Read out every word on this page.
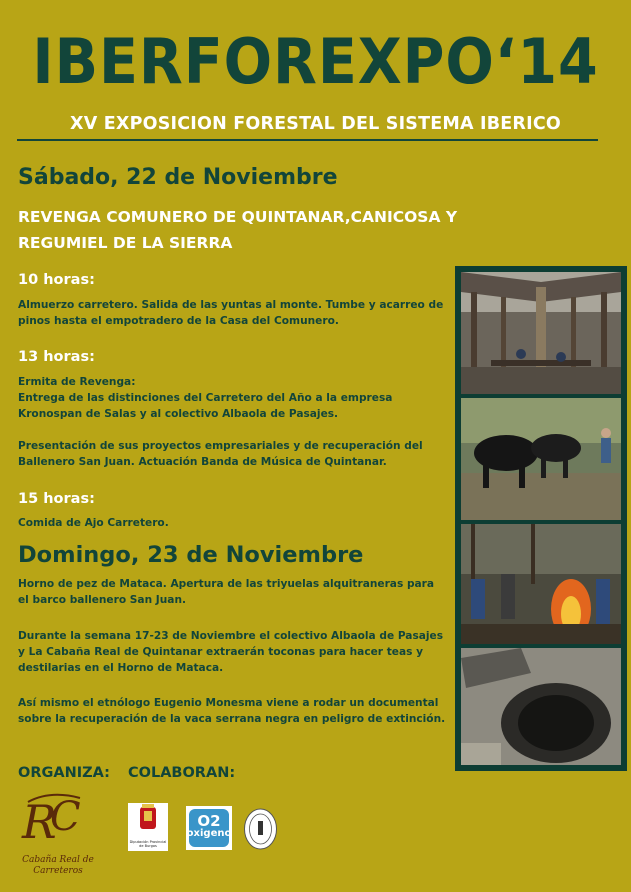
IBERFOREXPO‘14
XV EXPOSICION FORESTAL DEL SISTEMA IBERICO
Sábado, 22 de Noviembre
REVENGA COMUNERO DE QUINTANAR,CANICOSA Y REGUMIEL DE LA SIERRA
10 horas:
Almuerzo carretero. Salida de las yuntas al monte. Tumbe y acarreo de pinos hasta el empotradero de la Casa del Comunero.
13 horas:
Ermita de Revenga:
Entrega de las distinciones del Carretero del Año a la empresa Kronospan de Salas y al colectivo Albaola de Pasajes.
Presentación de sus proyectos empresariales y de recuperación del Ballenero San Juan. Actuación Banda de Música de Quintanar.
15 horas:
Comida de Ajo Carretero.
Domingo, 23 de Noviembre
Horno de pez de Mataca. Apertura de las triyuelas alquitraneras para el barco ballenero San Juan.
Durante la semana 17-23 de Noviembre el colectivo Albaola de Pasajes y La Cabaña Real de Quintanar extraerán toconas para hacer teas y destilarias en el Horno de Mataca.
Así mismo el etnólogo Eugenio Monesma viene a rodar un documental sobre la recuperación de la vaca serrana negra en peligro de extinción.
ORGANIZA: COLABORAN:
R
C
Cabaña Real de Carreteros
Diputación Provincial de Burgos
O2
oxigeno
